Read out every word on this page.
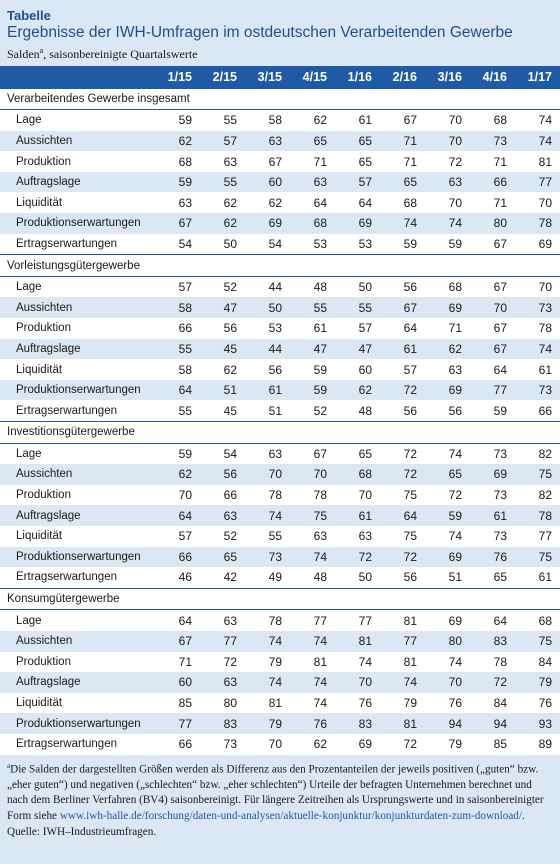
Tabelle
Ergebnisse der IWH-Umfragen im ostdeutschen Verarbeitenden Gewerbe
Salden$^a$, saisonbereinigte Quartalswerte
	1/15	2/15	3/15	4/15	1/16	2/16	3/16	4/16	1/17
Verarbeitendes Gewerbe insgesamt									
Lage	59	55	58	62	61	67	70	68	74
Aussichten	62	57	63	65	65	71	70	73	74
Produktion	68	63	67	71	65	71	72	71	81
Auftragslage	59	55	60	63	57	65	63	66	77
Liquidität	63	62	62	64	64	68	70	71	70
Produktionserwartungen	67	62	69	68	69	74	74	80	78
Ertragserwartungen	54	50	54	53	53	59	59	67	69
Vorleistungsgütergewerbe									
Lage	57	52	44	48	50	56	68	67	70
Aussichten	58	47	50	55	55	67	69	70	73
Produktion	66	56	53	61	57	64	71	67	78
Auftragslage	55	45	44	47	47	61	62	67	74
Liquidität	58	62	56	59	60	57	63	64	61
Produktionserwartungen	64	51	61	59	62	72	69	77	73
Ertragserwartungen	55	45	51	52	48	56	56	59	66
Investitionsgütergewerbe									
Lage	59	54	63	67	65	72	74	73	82
Aussichten	62	56	70	70	68	72	65	69	75
Produktion	70	66	78	78	70	75	72	73	82
Auftragslage	64	63	74	75	61	64	59	61	78
Liquidität	57	52	55	63	63	75	74	73	77
Produktionserwartungen	66	65	73	74	72	72	69	76	75
Ertragserwartungen	46	42	49	48	50	56	51	65	61
Konsumgütergewerbe									
Lage	64	63	78	77	77	81	69	64	68
Aussichten	67	77	74	74	81	77	80	83	75
Produktion	71	72	79	81	74	81	74	78	84
Auftragslage	60	63	74	74	70	74	70	72	79
Liquidität	85	80	81	74	76	79	76	84	76
Produktionserwartungen	77	83	79	76	83	81	94	94	93
Ertragserwartungen	66	73	70	62	69	72	79	85	89
$^a$Die Salden der dargestellten Größen werden als Differenz aus den Prozentanteilen der jeweils positiven („guten“ bzw. „eher guten“) und negativen („schlechten“ bzw. „eher schlechten“) Urteile der befragten Unternehmen berechnet und nach dem Berliner Verfahren (BV4) saisonbereinigt. Für längere Zeitreihen als Ursprungswerte und in saisonbereinigter Form siehe www.iwh-halle.de/forschung/daten-und-analysen/aktuelle-konjunktur/konjunkturdaten-zum-download/.
Quelle: IWH–Industrieumfragen.
